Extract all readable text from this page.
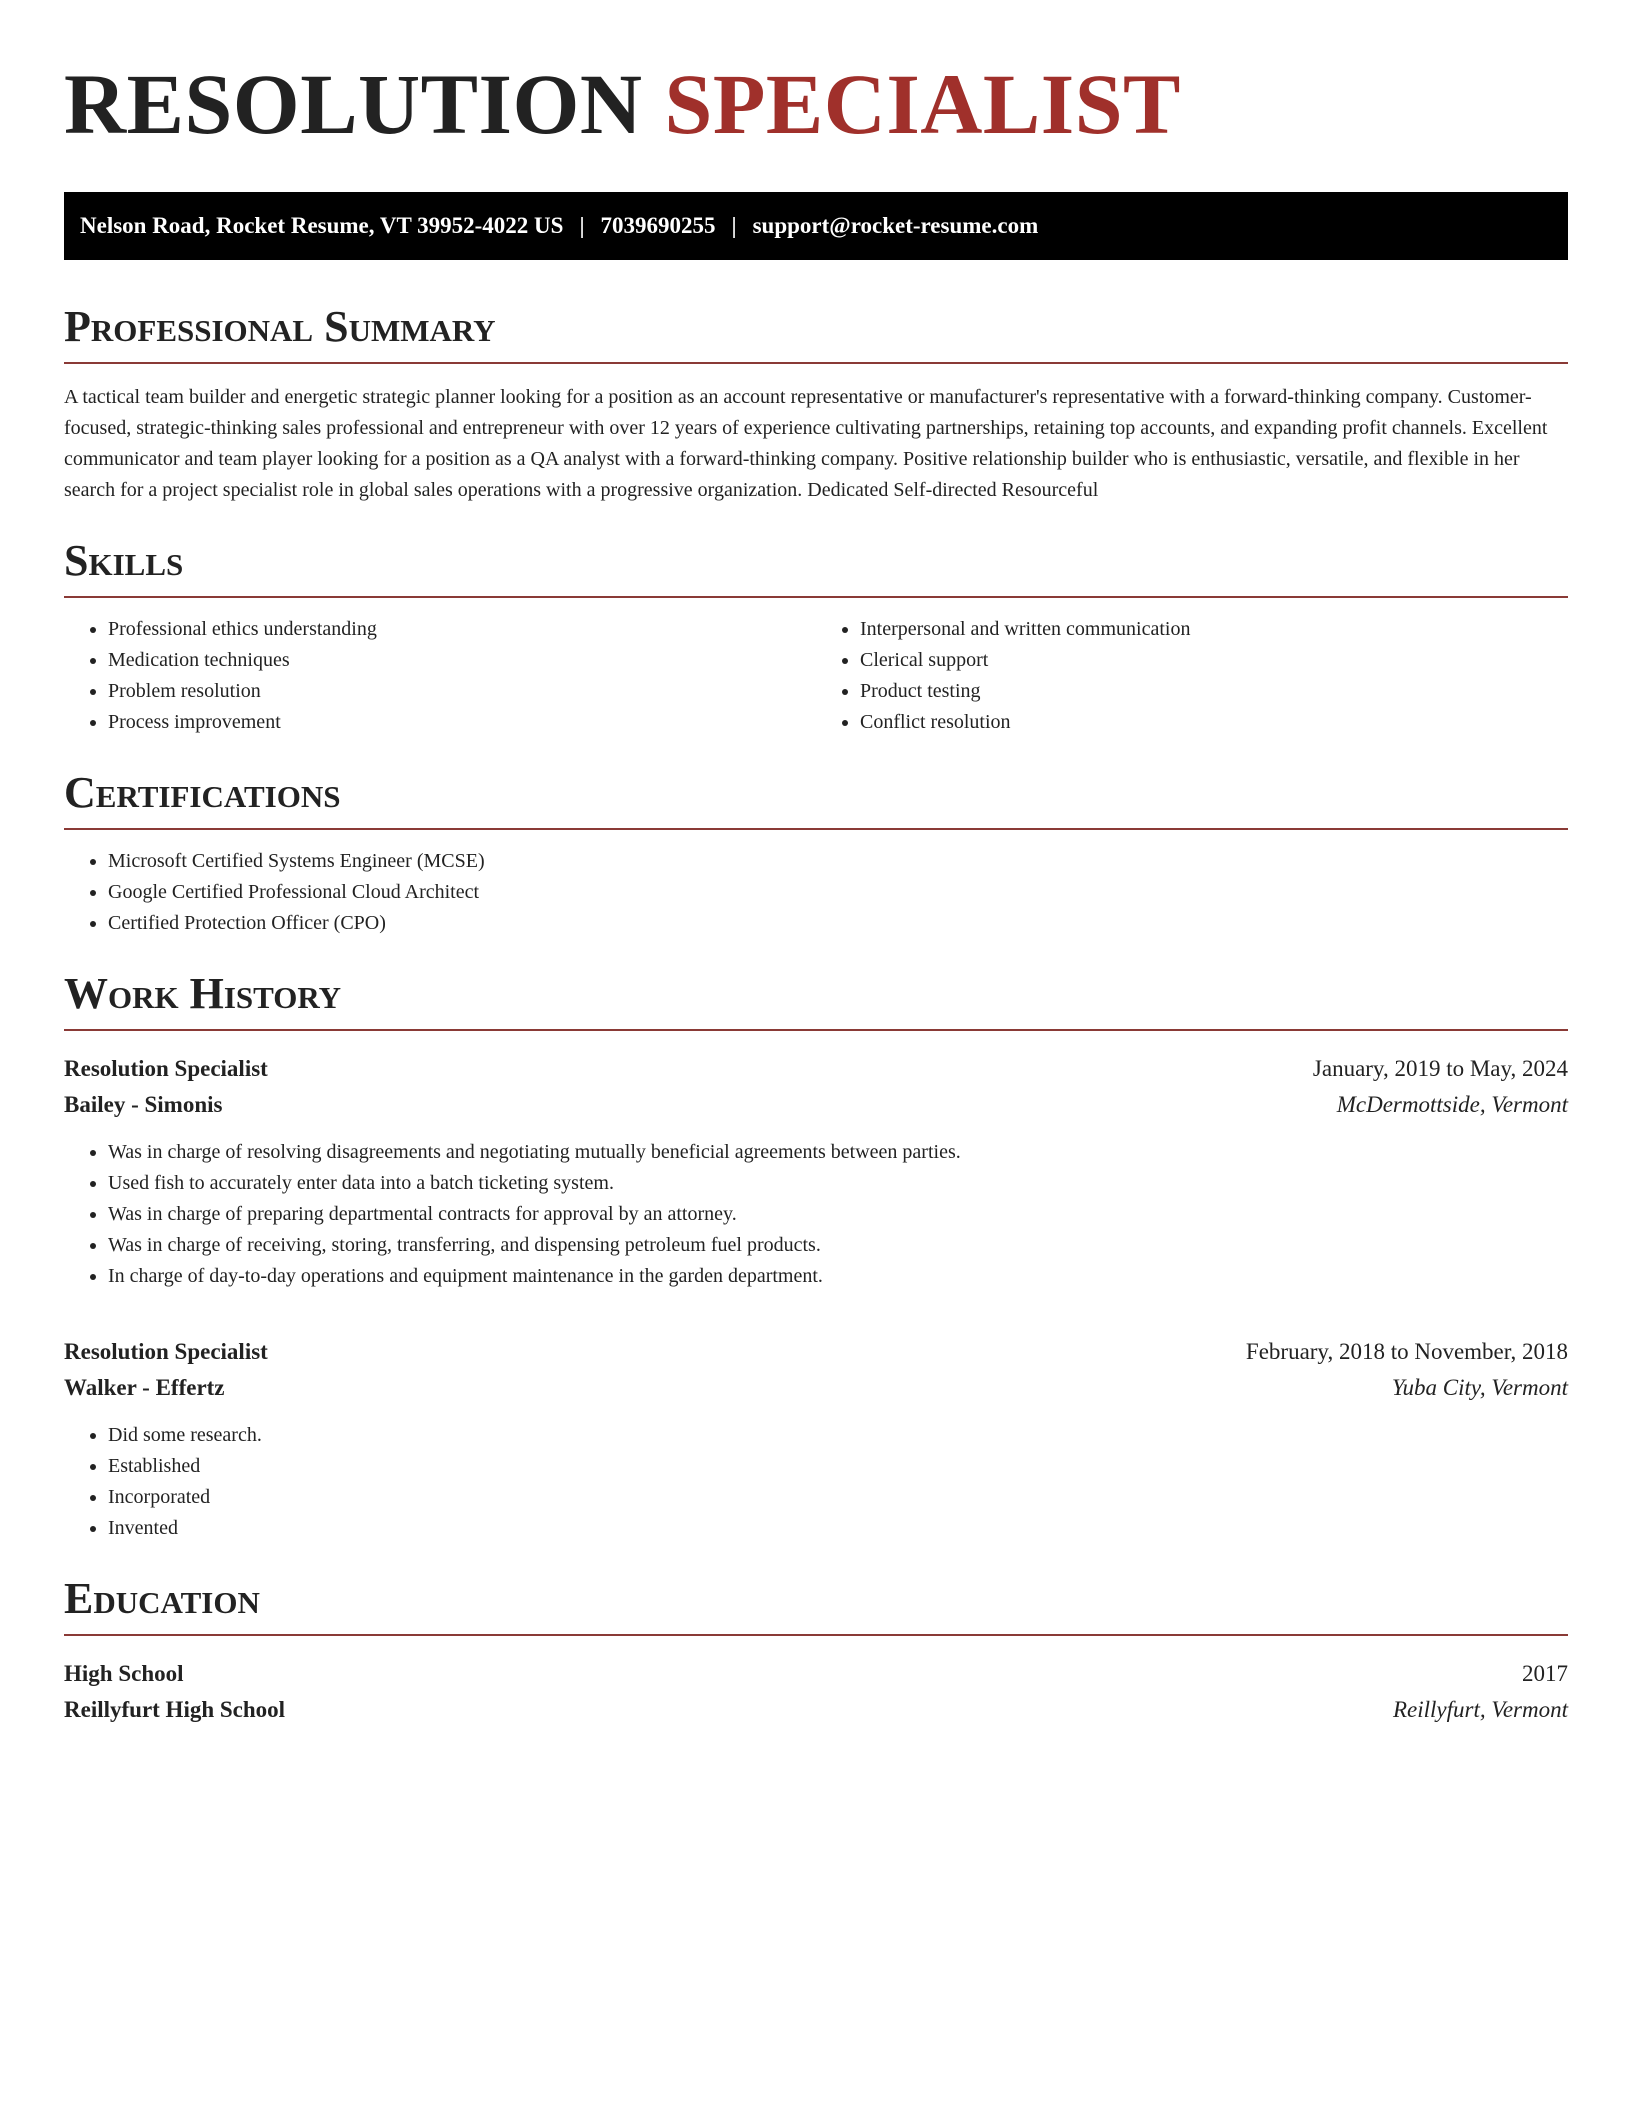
RESOLUTION SPECIALIST
Nelson Road, Rocket Resume, VT 39952-4022 US | 7039690255 | support@rocket-resume.com
Professional Summary

A tactical team builder and energetic strategic planner looking for a position as an account representative or manufacturer's representative with a forward-thinking company. Customer-focused, strategic-thinking sales professional and entrepreneur with over 12 years of experience cultivating partnerships, retaining top accounts, and expanding profit channels. Excellent communicator and team player looking for a position as a QA analyst with a forward-thinking company. Positive relationship builder who is enthusiastic, versatile, and flexible in her search for a project specialist role in global sales operations with a progressive organization. Dedicated Self-directed Resourceful

Skills
• Professional ethics understanding
• Medication techniques
• Problem resolution
• Process improvement
• Interpersonal and written communication
• Clerical support
• Product testing
• Conflict resolution
Certifications
• Microsoft Certified Systems Engineer (MCSE)
• Google Certified Professional Cloud Architect
• Certified Protection Officer (CPO)
Work History
Resolution Specialist	January, 2019 to May, 2024
Bailey - Simonis	McDermottside, Vermont
• Was in charge of resolving disagreements and negotiating mutually beneficial agreements between parties.
• Used fish to accurately enter data into a batch ticketing system.
• Was in charge of preparing departmental contracts for approval by an attorney.
• Was in charge of receiving, storing, transferring, and dispensing petroleum fuel products.
• In charge of day-to-day operations and equipment maintenance in the garden department.
Resolution Specialist	February, 2018 to November, 2018
Walker - Effertz	Yuba City, Vermont
• Did some research.
• Established
• Incorporated
• Invented
Education
High School	2017
Reillyfurt High School	Reillyfurt, Vermont
